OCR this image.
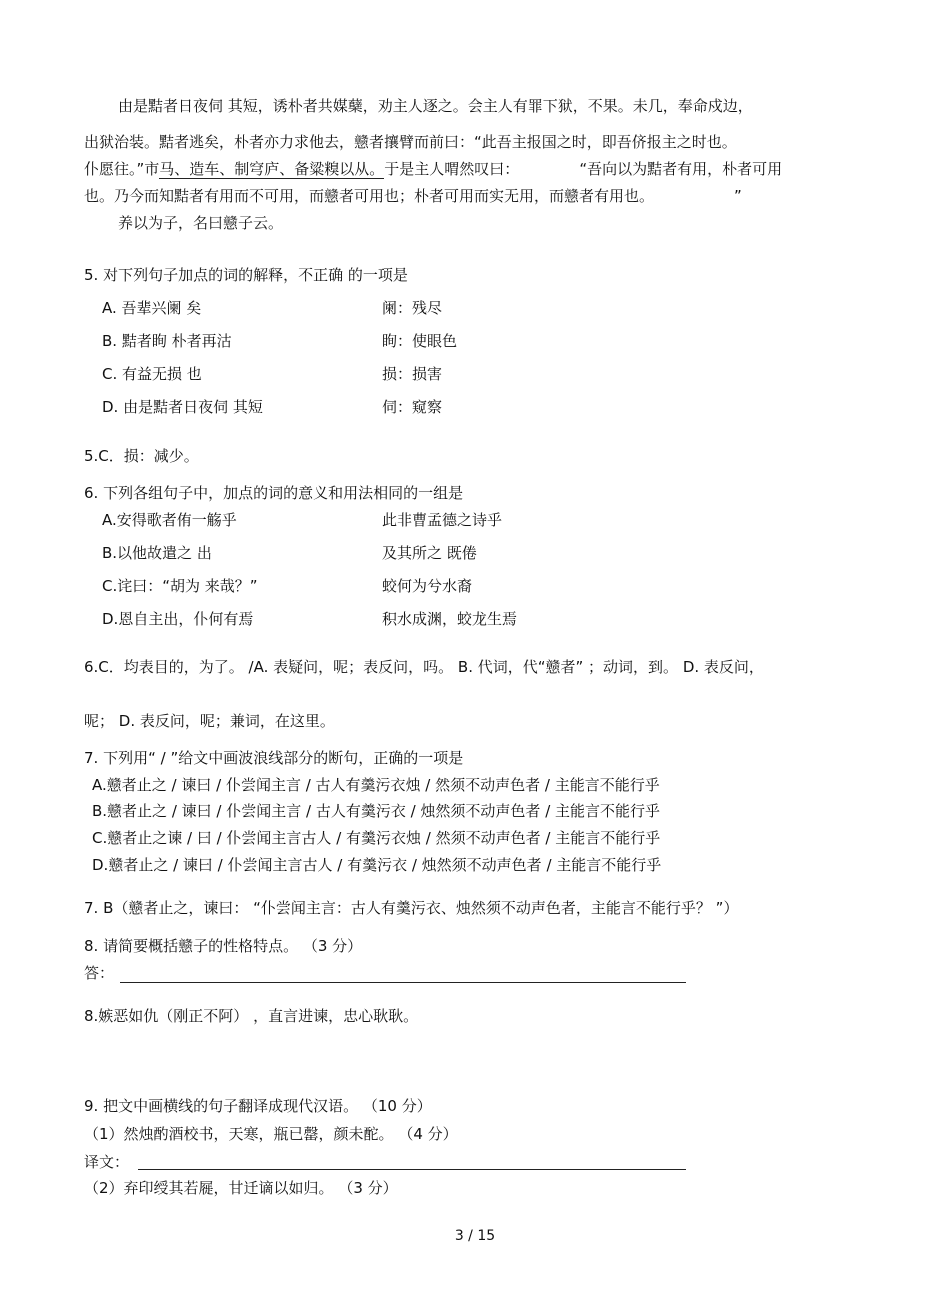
由是黠者日夜伺 其短，诱朴者共媒蘖，劝主人逐之。会主人有罪下狱，不果。未几，奉命戍边，
出狱治装。黠者逃矣，朴者亦力求他去，戆者攘臂而前曰：“此吾主报国之时，即吾侪报主之时也。
仆愿往。”市马、造车、制穹庐、备粱糗以从。于是主人喟然叹曰：	“吾向以为黠者有用，朴者可用
也。乃今而知黠者有用而不可用，而戆者可用也；朴者可用而实无用，而戆者有用也。	”
养以为子，名曰戆子云。
5. 对下列句子加点的词的解释，不正确 的一项是
A. 吾辈兴阑 矣	阑：残尽
B. 黠者眴 朴者再沽	眴：使眼色
C. 有益无损 也	损：损害
D. 由是黠者日夜伺 其短	伺：窥察
5.C．损：减少。
6. 下列各组句子中，加点的词的意义和用法相同的一组是
A.安得歌者侑一觞乎	此非曹孟德之诗乎
B.以他故遣之 出	及其所之 既倦
C.诧曰：“胡为 来哉？”	蛟何为兮水裔
D.恩自主出，仆何有焉	积水成渊，蛟龙生焉
6.C．均表目的，为了。 /A. 表疑问，呢；表反问，吗。 B. 代词，代“戆者” ；动词，到。 D. 表反问，
呢； D. 表反问，呢；兼词，在这里。
7. 下列用“ / ”给文中画波浪线部分的断句，正确的一项是
A.戆者止之 / 谏曰 / 仆尝闻主言 / 古人有羹污衣烛 / 然须不动声色者 / 主能言不能行乎
B.戆者止之 / 谏曰 / 仆尝闻主言 / 古人有羹污衣 / 烛然须不动声色者 / 主能言不能行乎
C.戆者止之谏 / 曰 / 仆尝闻主言古人 / 有羹污衣烛 / 然须不动声色者 / 主能言不能行乎
D.戆者止之 / 谏曰 / 仆尝闻主言古人 / 有羹污衣 / 烛然须不动声色者 / 主能言不能行乎
7. B（戆者止之，谏曰： “仆尝闻主言：古人有羹污衣、烛然须不动声色者，主能言不能行乎？ ”）
8. 请简要概括戆子的性格特点。 （3 分）
答：
8.嫉恶如仇（刚正不阿） ，直言进谏，忠心耿耿。
9. 把文中画横线的句子翻译成现代汉语。 （10 分）
（1）然烛酌酒校书，天寒，瓶已罄，颜未酡。 （4 分）
译文：
（2）弃印绶其若屣，甘迁谪以如归。 （3 分）
3 / 15
